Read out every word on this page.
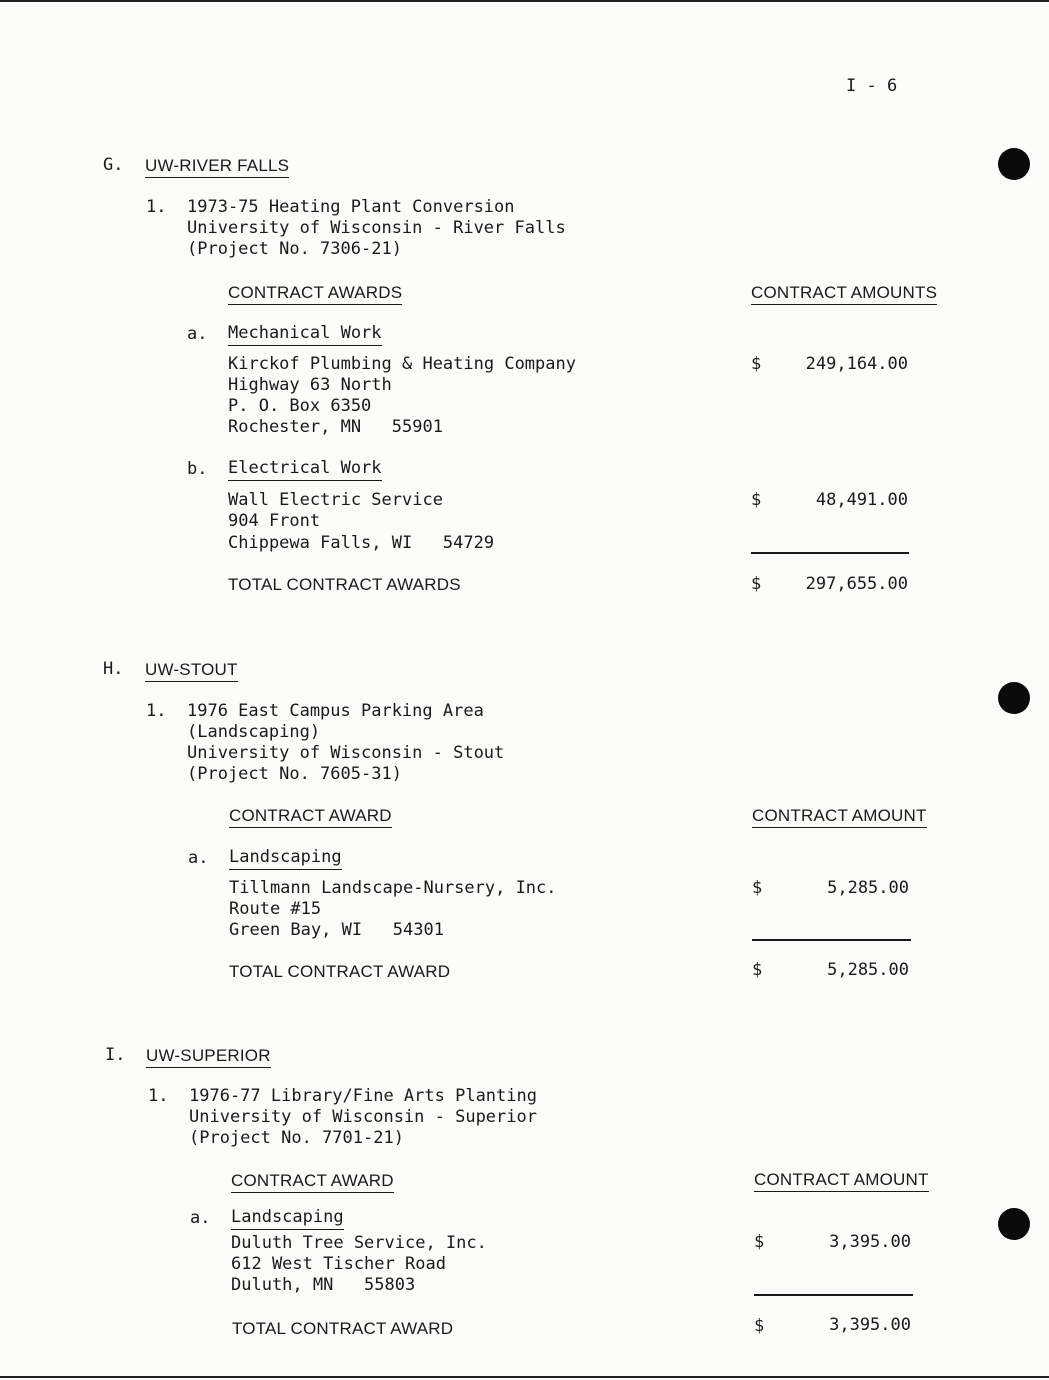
I - 6
G. UW-RIVER FALLS
1. 1973-75 Heating Plant Conversion
University of Wisconsin - River Falls
(Project No. 7306-21)
CONTRACT AWARDS	CONTRACT AMOUNTS
a. Mechanical Work
Kirckof Plumbing & Heating Company
Highway 63 North
P. O. Box 6350
Rochester, MN   55901
$	249,164.00
b. Electrical Work
Wall Electric Service
904 Front
Chippewa Falls, WI   54729
$	48,491.00
TOTAL CONTRACT AWARDS	$	297,655.00
H. UW-STOUT
1. 1976 East Campus Parking Area
(Landscaping)
University of Wisconsin - Stout
(Project No. 7605-31)
CONTRACT AWARD	CONTRACT AMOUNT
a. Landscaping
Tillmann Landscape-Nursery, Inc.
Route #15
Green Bay, WI   54301
$	5,285.00
TOTAL CONTRACT AWARD	$	5,285.00
I. UW-SUPERIOR
1. 1976-77 Library/Fine Arts Planting
University of Wisconsin - Superior
(Project No. 7701-21)
CONTRACT AWARD	CONTRACT AMOUNT
a. Landscaping
Duluth Tree Service, Inc.
612 West Tischer Road
Duluth, MN   55803
$	3,395.00
TOTAL CONTRACT AWARD	$	3,395.00
